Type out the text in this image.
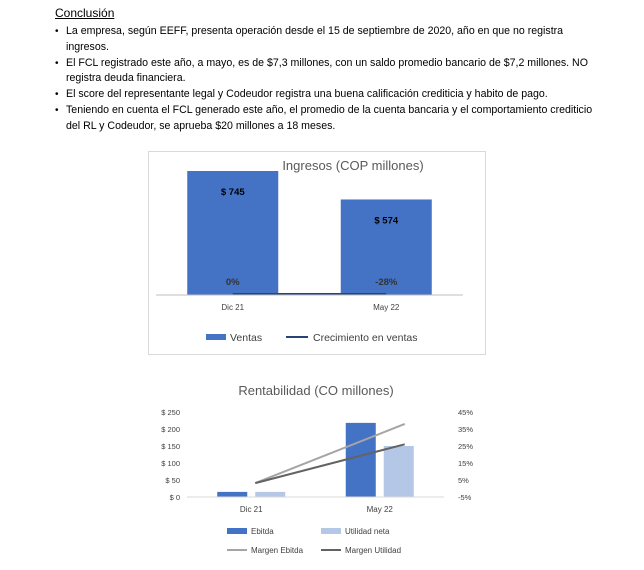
Conclusión
• La empresa, según EEFF, presenta operación desde el 15 de septiembre de 2020, año en que no registra ingresos.
• El FCL registrado este año, a mayo, es de $7,3 millones, con un saldo promedio bancario de $7,2 millones. NO registra deuda financiera.
• El score del representante legal y Codeudor registra una buena calificación crediticia y habito de pago.
• Teniendo en cuenta el FCL generado este año, el promedio de la cuenta bancaria y el comportamiento crediticio del RL y Codeudor, se aprueba $20 millones a 18 meses.
$ 745
0%
Dic 21
$ 574
-28%
May 22
Ingresos (COP millones)
Ventas	Crecimiento en ventas
Rentabilidad (CO millones)
$ 0
$ 50
$ 100
$ 150
$ 200
$ 250
-5%
5%
15%
25%
35%
45%
Dic 21	May 22
Ebitda	Utilidad neta
Margen Ebitda	Margen Utilidad
